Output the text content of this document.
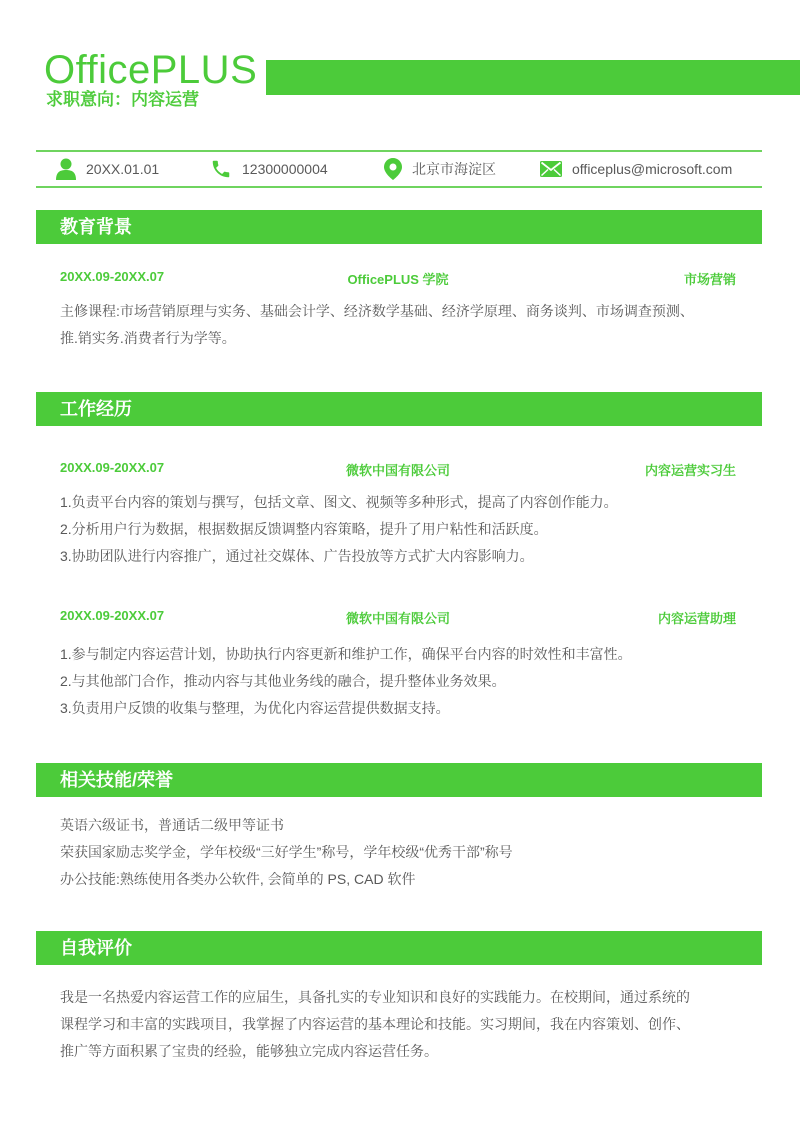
OfficePLUS
求职意向：内容运营
20XX.01.01	12300000004	北京市海淀区	officeplus@microsoft.com
教育背景
20XX.09-20XX.07	OfficePLUS 学院	市场营销
主修课程:市场营销原理与实务、基础会计学、经济数学基础、经济学原理、商务谈判、市场调查预测、
推.销实务.消费者行为学等。
工作经历
20XX.09-20XX.07	微软中国有限公司	内容运营实习生
1.负责平台内容的策划与撰写，包括文章、图文、视频等多种形式，提高了内容创作能力。
2.分析用户行为数据，根据数据反馈调整内容策略，提升了用户粘性和活跃度。
3.协助团队进行内容推广，通过社交媒体、广告投放等方式扩大内容影响力。
20XX.09-20XX.07	微软中国有限公司	内容运营助理
1.参与制定内容运营计划，协助执行内容更新和维护工作，确保平台内容的时效性和丰富性。
2.与其他部门合作，推动内容与其他业务线的融合，提升整体业务效果。
3.负责用户反馈的收集与整理，为优化内容运营提供数据支持。
相关技能/荣誉
英语六级证书，普通话二级甲等证书
荣获国家励志奖学金，学年校级“三好学生”称号，学年校级“优秀干部”称号
办公技能:熟练使用各类办公软件, 会简单的 PS, CAD 软件
自我评价
我是一名热爱内容运营工作的应届生，具备扎实的专业知识和良好的实践能力。在校期间，通过系统的
课程学习和丰富的实践项目，我掌握了内容运营的基本理论和技能。实习期间，我在内容策划、创作、
推广等方面积累了宝贵的经验，能够独立完成内容运营任务。
